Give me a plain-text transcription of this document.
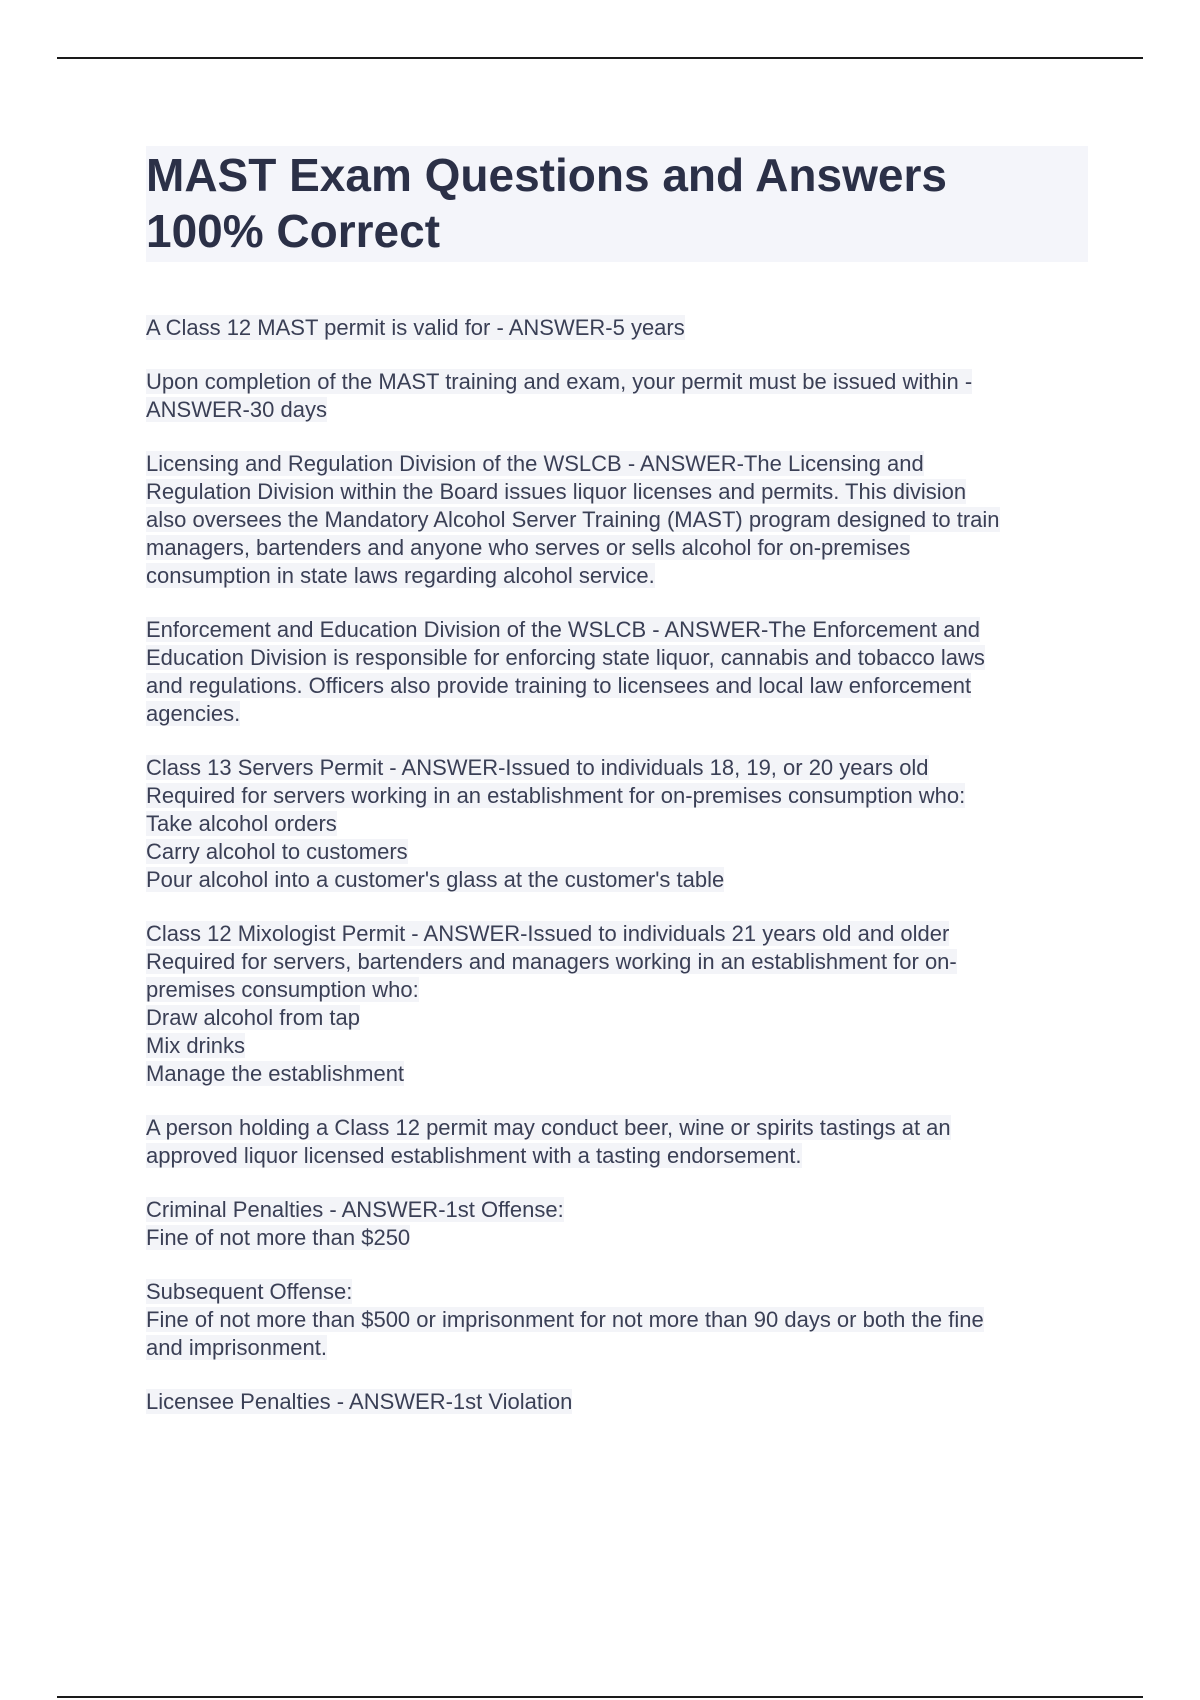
MAST Exam Questions and Answers
100% Correct

A Class 12 MAST permit is valid for - ANSWER-5 years

Upon completion of the MAST training and exam, your permit must be issued within -
ANSWER-30 days

Licensing and Regulation Division of the WSLCB - ANSWER-The Licensing and
Regulation Division within the Board issues liquor licenses and permits. This division
also oversees the Mandatory Alcohol Server Training (MAST) program designed to train
managers, bartenders and anyone who serves or sells alcohol for on-premises
consumption in state laws regarding alcohol service.

Enforcement and Education Division of the WSLCB - ANSWER-The Enforcement and
Education Division is responsible for enforcing state liquor, cannabis and tobacco laws
and regulations. Officers also provide training to licensees and local law enforcement
agencies.

Class 13 Servers Permit - ANSWER-Issued to individuals 18, 19, or 20 years old
Required for servers working in an establishment for on-premises consumption who:
Take alcohol orders
Carry alcohol to customers
Pour alcohol into a customer's glass at the customer's table

Class 12 Mixologist Permit - ANSWER-Issued to individuals 21 years old and older
Required for servers, bartenders and managers working in an establishment for on-
premises consumption who:
Draw alcohol from tap
Mix drinks
Manage the establishment

A person holding a Class 12 permit may conduct beer, wine or spirits tastings at an
approved liquor licensed establishment with a tasting endorsement.

Criminal Penalties - ANSWER-1st Offense:
Fine of not more than $250

Subsequent Offense:
Fine of not more than $500 or imprisonment for not more than 90 days or both the fine
and imprisonment.

Licensee Penalties - ANSWER-1st Violation
